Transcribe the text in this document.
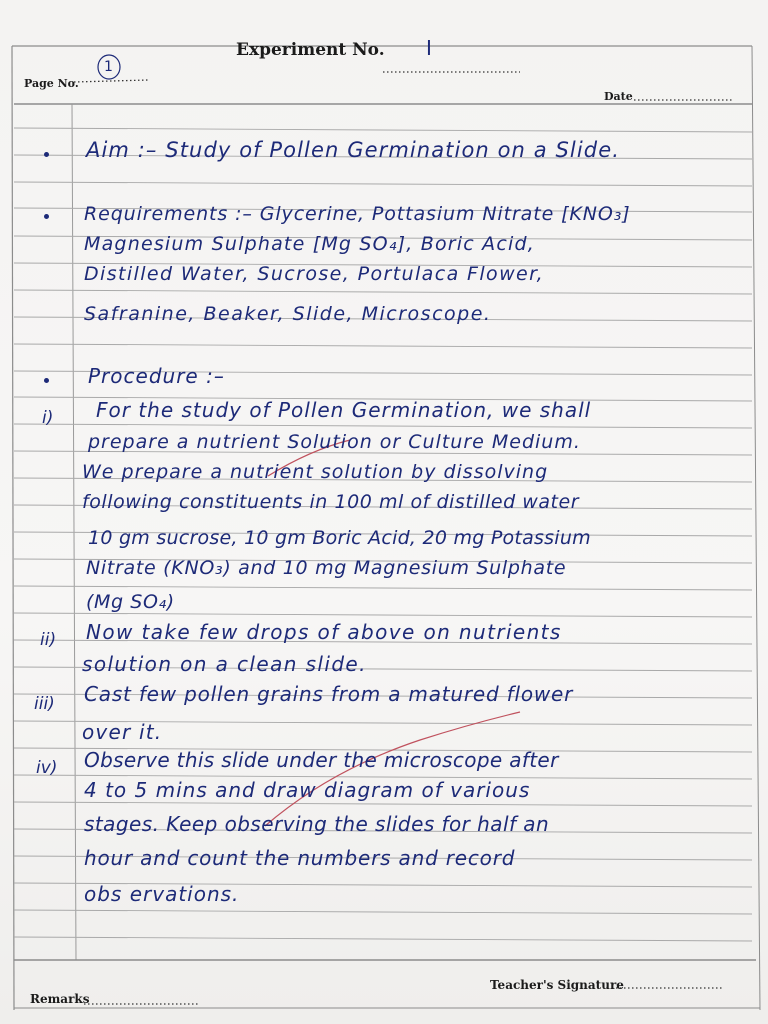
Experiment No. I
Page No.
1
Date
Aim :– Study of Pollen Germination on a Slide.
Requirements :– Glycerine, Pottasium Nitrate [KNO₃]
Magnesium Sulphate [Mg SO₄], Boric Acid,
Distilled Water, Sucrose, Portulaca Flower,
Safranine, Beaker, Slide, Microscope.
Procedure :–
i) For the study of Pollen Germination, we shall
prepare a nutrient Solution or Culture Medium.
We prepare a nutrient solution by dissolving
following constituents in 100 ml of distilled water
10 gm sucrose, 10 gm Boric Acid, 20 mg Potassium
Nitrate (KNO₃) and 10 mg Magnesium Sulphate
(Mg SO₄)
ii) Now take few drops of above on nutrients
solution on a clean slide.
iii) Cast few pollen grains from a matured flower
over it.
iv) Observe this slide under the microscope after
4 to 5 mins and draw diagram of various
stages. Keep observing the slides for half an
hour and count the numbers and record
obs ervations.
Remarks
Teacher's Signature
